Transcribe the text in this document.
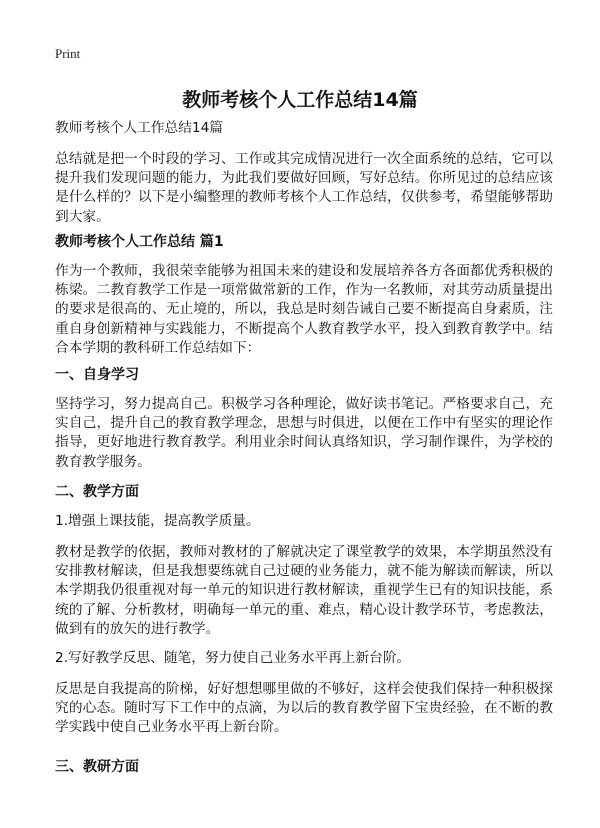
Print
教师考核个人工作总结14篇
教师考核个人工作总结14篇
总结就是把一个时段的学习、工作或其完成情况进行一次全面系统的总结，它可以提升我们发现问题的能力，为此我们要做好回顾，写好总结。你所见过的总结应该是什么样的？以下是小编整理的教师考核个人工作总结，仅供参考，希望能够帮助到大家。
教师考核个人工作总结 篇1
作为一个教师，我很荣幸能够为祖国未来的建设和发展培养各方各面都优秀积极的栋梁。二教育教学工作是一项常做常新的工作，作为一名教师，对其劳动质量提出的要求是很高的、无止境的，所以，我总是时刻告诫自己要不断提高自身素质，注重自身创新精神与实践能力，不断提高个人教育教学水平，投入到教育教学中。结合本学期的教科研工作总结如下：
一、自身学习
坚持学习，努力提高自己。积极学习各种理论，做好读书笔记。严格要求自己，充实自己，提升自己的教育教学理念，思想与时俱进，以便在工作中有坚实的理论作指导，更好地进行教育教学。利用业余时间认真络知识，学习制作课件，为学校的教育教学服务。
二、教学方面
1.增强上课技能，提高教学质量。
教材是教学的依据，教师对教材的了解就决定了课堂教学的效果，本学期虽然没有安排教材解读，但是我想要练就自己过硬的业务能力，就不能为解读而解读，所以本学期我仍很重视对每一单元的知识进行教材解读，重视学生已有的知识技能，系统的了解、分析教材，明确每一单元的重、难点，精心设计教学环节，考虑教法，做到有的放矢的进行教学。
2.写好教学反思、随笔，努力使自己业务水平再上新台阶。
反思是自我提高的阶梯，好好想想哪里做的不够好，这样会使我们保持一种积极探究的心态。随时写下工作中的点滴，为以后的教育教学留下宝贵经验，在不断的教学实践中使自己业务水平再上新台阶。
三、教研方面
